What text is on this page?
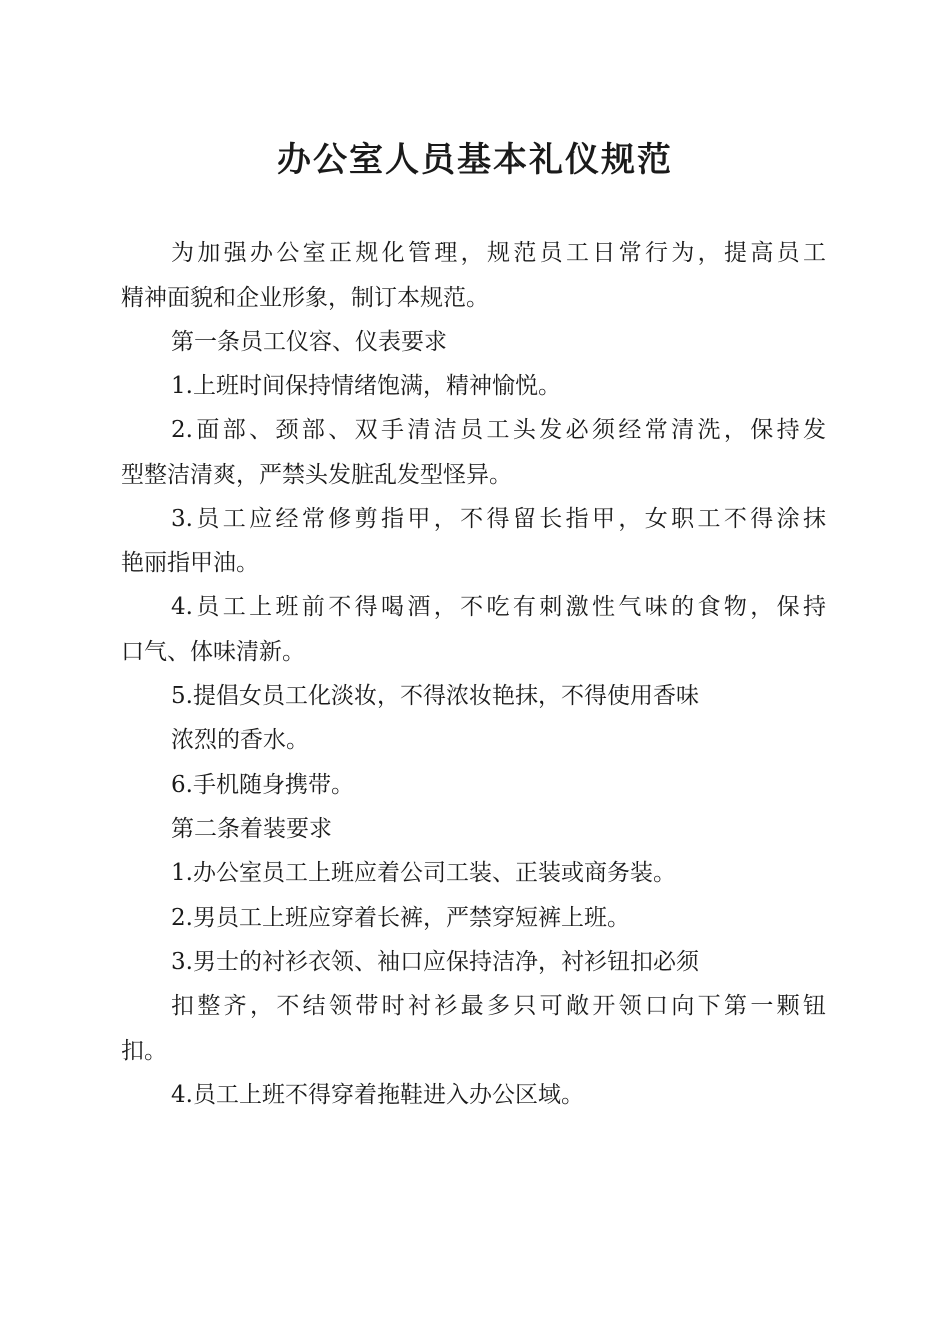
办公室人员基本礼仪规范

为加强办公室正规化管理，规范员工日常行为，提高员工

精神面貌和企业形象，制订本规范。

第一条员工仪容、仪表要求

1.上班时间保持情绪饱满，精神愉悦。

2.面部、颈部、双手清洁员工头发必须经常清洗，保持发

型整洁清爽，严禁头发脏乱发型怪异。

3.员工应经常修剪指甲，不得留长指甲，女职工不得涂抹

艳丽指甲油。

4.员工上班前不得喝酒，不吃有刺激性气味的食物，保持

口气、体味清新。

5.提倡女员工化淡妆，不得浓妆艳抹，不得使用香味

浓烈的香水。

6.手机随身携带。

第二条着装要求

1.办公室员工上班应着公司工装、正装或商务装。

2.男员工上班应穿着长裤，严禁穿短裤上班。

3.男士的衬衫衣领、袖口应保持洁净，衬衫钮扣必须

扣整齐，不结领带时衬衫最多只可敞开领口向下第一颗钮

扣。

4.员工上班不得穿着拖鞋进入办公区域。
